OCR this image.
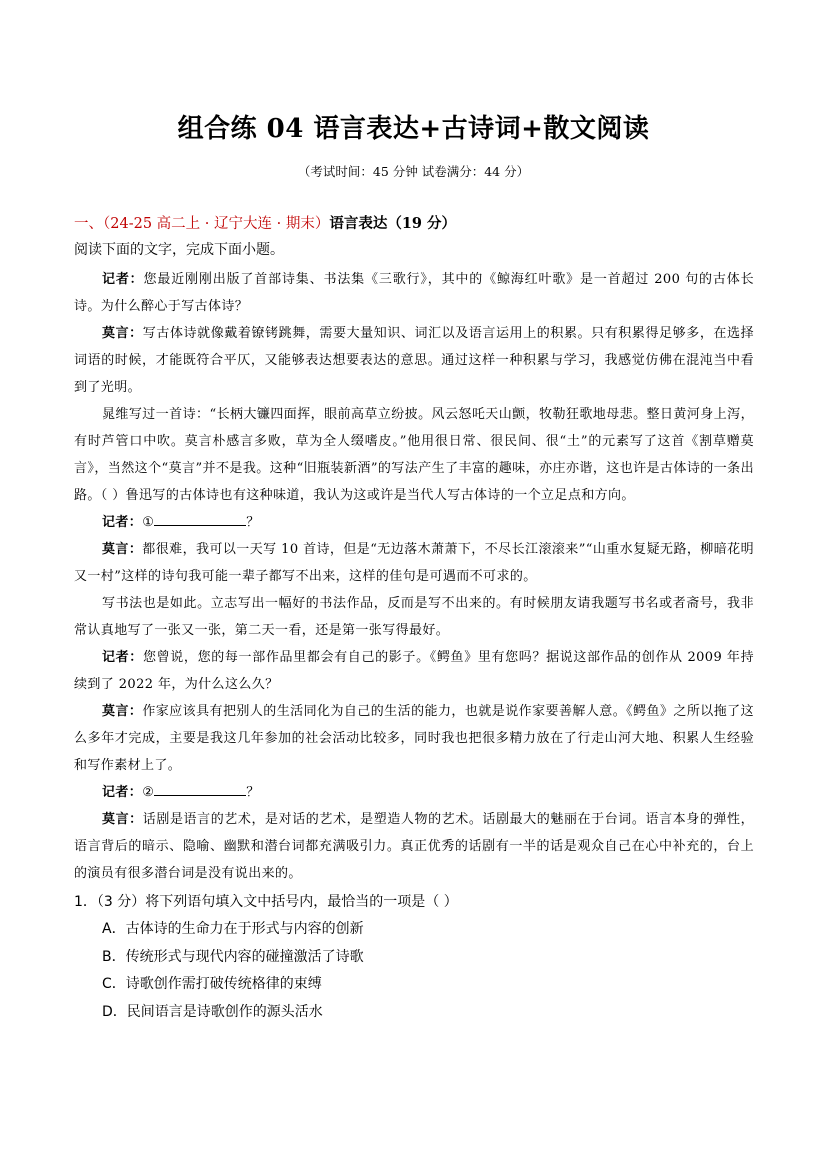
组合练 04 语言表达+古诗词+散文阅读
（考试时间：45 分钟 试卷满分：44 分）
一、（24-25 高二上 · 辽宁大连 · 期末）语言表达（19 分）
阅读下面的文字，完成下面小题。

记者：您最近刚刚出版了首部诗集、书法集《三歌行》，其中的《鲸海红叶歌》是一首超过 200 句的古体长诗。为什么醉心于写古体诗？

莫言：写古体诗就像戴着镣铐跳舞，需要大量知识、词汇以及语言运用上的积累。只有积累得足够多，在选择词语的时候，才能既符合平仄，又能够表达想要表达的意思。通过这样一种积累与学习，我感觉仿佛在混沌当中看到了光明。

晁维写过一首诗：“长柄大镰四面挥，眼前高草立纷披。风云怒吒天山颤，牧勒狂歌地母悲。整日黄河身上泻，有时芦管口中吹。莫言朴感言多败，草为全人缀嗜皮。”他用很日常、很民间、很“土”的元素写了这首《割草赠莫言》，当然这个“莫言”并不是我。这种“旧瓶装新酒”的写法产生了丰富的趣味，亦庄亦谐，这也许是古体诗的一条出路。（ ）鲁迅写的古体诗也有这种味道，我认为这或许是当代人写古体诗的一个立足点和方向。

记者：①	？

莫言：都很难，我可以一天写 10 首诗，但是“无边落木萧萧下，不尽长江滚滚来”“山重水复疑无路，柳暗花明又一村”这样的诗句我可能一辈子都写不出来，这样的佳句是可遇而不可求的。

写书法也是如此。立志写出一幅好的书法作品，反而是写不出来的。有时候朋友请我题写书名或者斋号，我非常认真地写了一张又一张，第二天一看，还是第一张写得最好。

记者：您曾说，您的每一部作品里都会有自己的影子。《鳄鱼》里有您吗？据说这部作品的创作从 2009 年持续到了 2022 年，为什么这么久？

莫言：作家应该具有把别人的生活同化为自己的生活的能力，也就是说作家要善解人意。《鳄鱼》之所以拖了这么多年才完成，主要是我这几年参加的社会活动比较多，同时我也把很多精力放在了行走山河大地、积累人生经验和写作素材上了。

记者：②	？

莫言：话剧是语言的艺术，是对话的艺术，是塑造人物的艺术。话剧最大的魅丽在于台词。语言本身的弹性，语言背后的暗示、隐喻、幽默和潜台词都充满吸引力。真正优秀的话剧有一半的话是观众自己在心中补充的，台上的演员有很多潜台词是没有说出来的。

1．（3 分）将下列语句填入文中括号内，最恰当的一项是（ ）
A．古体诗的生命力在于形式与内容的创新
B．传统形式与现代内容的碰撞激活了诗歌
C．诗歌创作需打破传统格律的束缚
D．民间语言是诗歌创作的源头活水
